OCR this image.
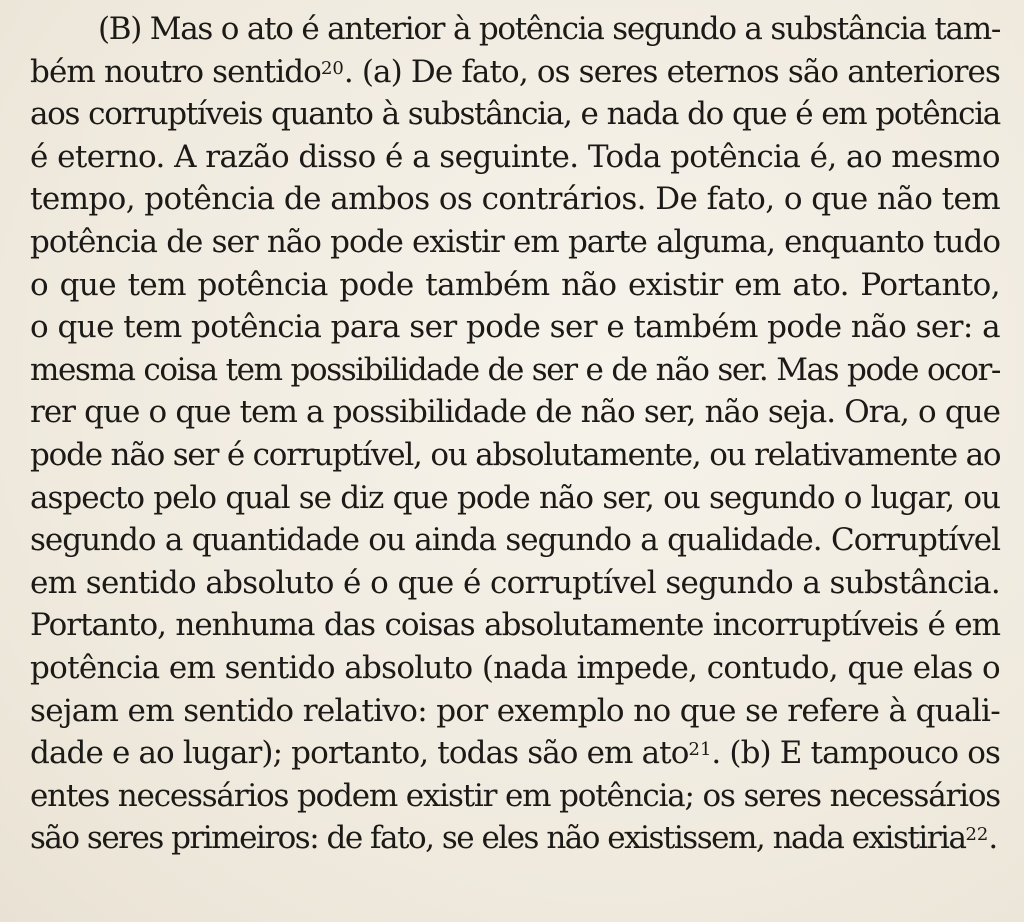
(B) Mas o ato é anterior à potência segundo a substância tam-
bém noutro sentido$^{20}$. (a) De fato, os seres eternos são anteriores
aos corruptíveis quanto à substância, e nada do que é em potência
é eterno. A razão disso é a seguinte. Toda potência é, ao mesmo
tempo, potência de ambos os contrários. De fato, o que não tem
potência de ser não pode existir em parte alguma, enquanto tudo
o que tem potência pode também não existir em ato. Portanto,
o que tem potência para ser pode ser e também pode não ser: a
mesma coisa tem possibilidade de ser e de não ser. Mas pode ocor-
rer que o que tem a possibilidade de não ser, não seja. Ora, o que
pode não ser é corruptível, ou absolutamente, ou relativamente ao
aspecto pelo qual se diz que pode não ser, ou segundo o lugar, ou
segundo a quantidade ou ainda segundo a qualidade. Corruptível
em sentido absoluto é o que é corruptível segundo a substância.
Portanto, nenhuma das coisas absolutamente incorruptíveis é em
potência em sentido absoluto (nada impede, contudo, que elas o
sejam em sentido relativo: por exemplo no que se refere à quali-
dade e ao lugar); portanto, todas são em ato$^{21}$. (b) E tampouco os
entes necessários podem existir em potência; os seres necessários
são seres primeiros: de fato, se eles não existissem, nada existiria$^{22}$.
